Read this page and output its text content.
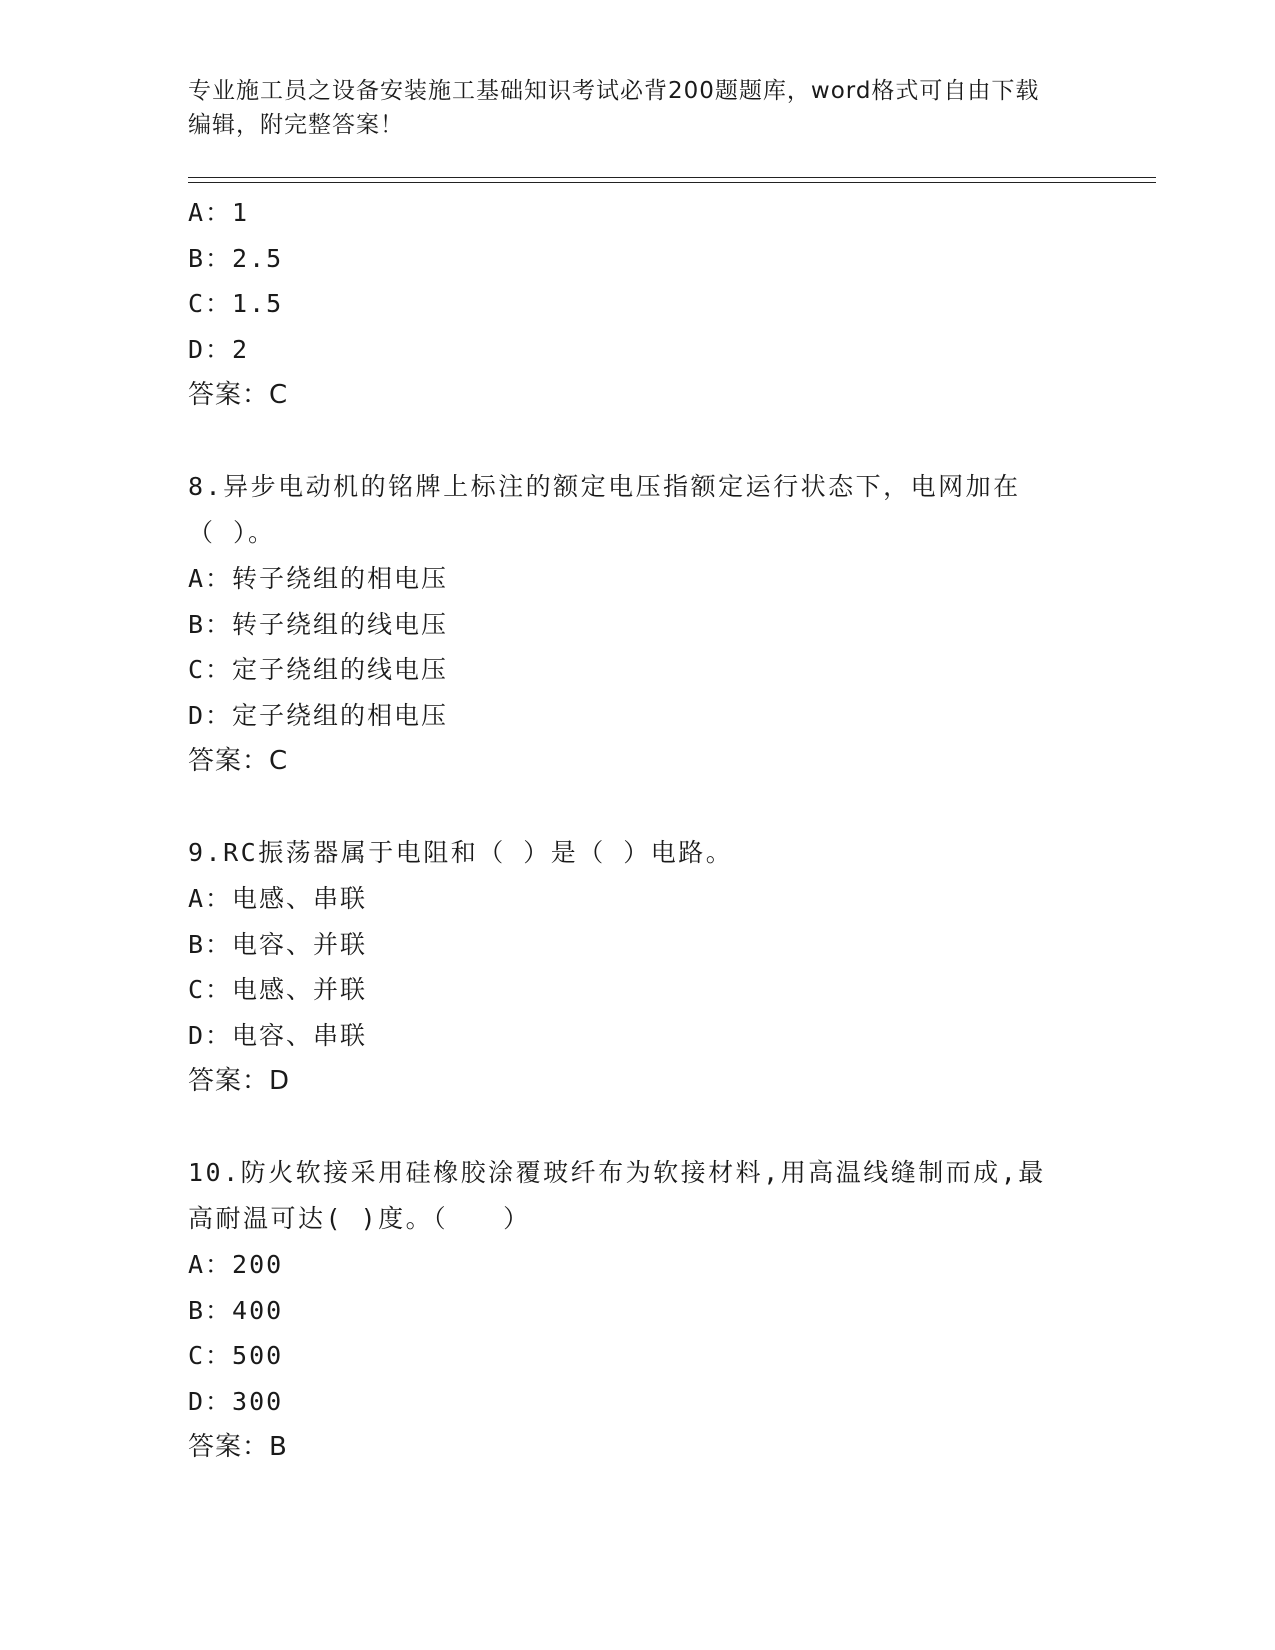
专业施工员之设备安装施工基础知识考试必背200题题库，word格式可自由下载
编辑，附完整答案！
A：1
B：2.5
C：1.5
D：2
答案：C
8.异步电动机的铭牌上标注的额定电压指额定运行状态下，电网加在
（ ）。
A：转子绕组的相电压
B：转子绕组的线电压
C：定子绕组的线电压
D：定子绕组的相电压
答案：C
9.RC振荡器属于电阻和（ ）是（ ）电路。
A：电感、串联
B：电容、并联
C：电感、并联
D：电容、串联
答案：D
10.防火软接采用硅橡胶涂覆玻纤布为软接材料,用高温线缝制而成,最
高耐温可达( )度。（　　）
A：200
B：400
C：500
D：300
答案：B
